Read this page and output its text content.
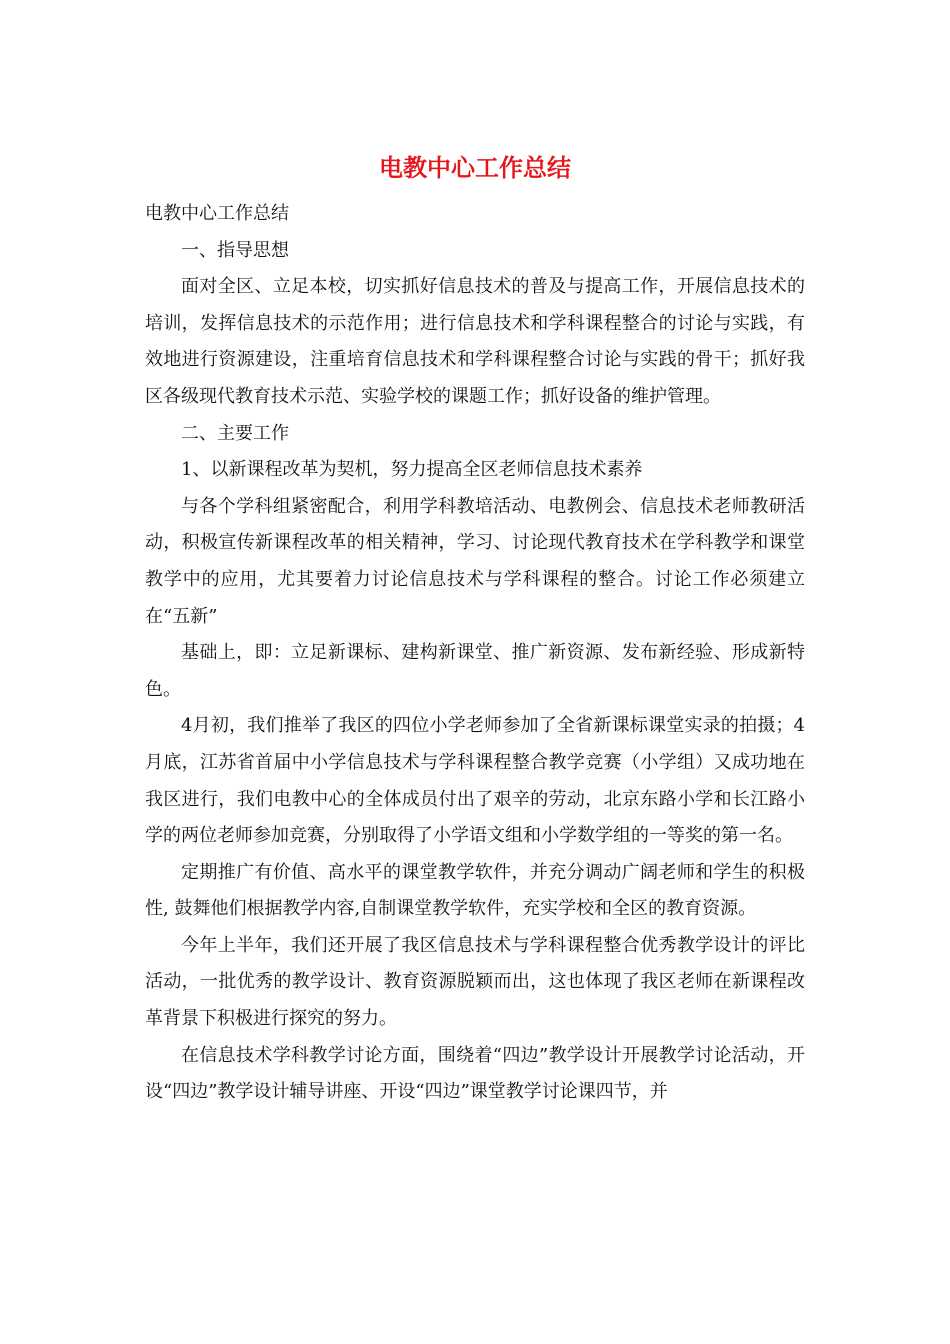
电教中心工作总结

电教中心工作总结

一、指导思想

面对全区、立足本校，切实抓好信息技术的普及与提高工作，开展信息技术的培训，发挥信息技术的示范作用；进行信息技术和学科课程整合的讨论与实践，有效地进行资源建设，注重培育信息技术和学科课程整合讨论与实践的骨干；抓好我区各级现代教育技术示范、实验学校的课题工作；抓好设备的维护管理。

二、主要工作

1、以新课程改革为契机，努力提高全区老师信息技术素养

与各个学科组紧密配合，利用学科教培活动、电教例会、信息技术老师教研活动，积极宣传新课程改革的相关精神，学习、讨论现代教育技术在学科教学和课堂教学中的应用，尤其要着力讨论信息技术与学科课程的整合。讨论工作必须建立在“五新”

基础上，即：立足新课标、建构新课堂、推广新资源、发布新经验、形成新特色。

4月初，我们推举了我区的四位小学老师参加了全省新课标课堂实录的拍摄；4月底，江苏省首届中小学信息技术与学科课程整合教学竞赛（小学组）又成功地在我区进行，我们电教中心的全体成员付出了艰辛的劳动，北京东路小学和长江路小学的两位老师参加竞赛，分别取得了小学语文组和小学数学组的一等奖的第一名。

定期推广有价值、高水平的课堂教学软件，并充分调动广阔老师和学生的积极性, 鼓舞他们根据教学内容,自制课堂教学软件，充实学校和全区的教育资源。

今年上半年，我们还开展了我区信息技术与学科课程整合优秀教学设计的评比活动，一批优秀的教学设计、教育资源脱颖而出，这也体现了我区老师在新课程改革背景下积极进行探究的努力。

在信息技术学科教学讨论方面，围绕着“四边”教学设计开展教学讨论活动，开设“四边”教学设计辅导讲座、开设“四边”课堂教学讨论课四节，并
